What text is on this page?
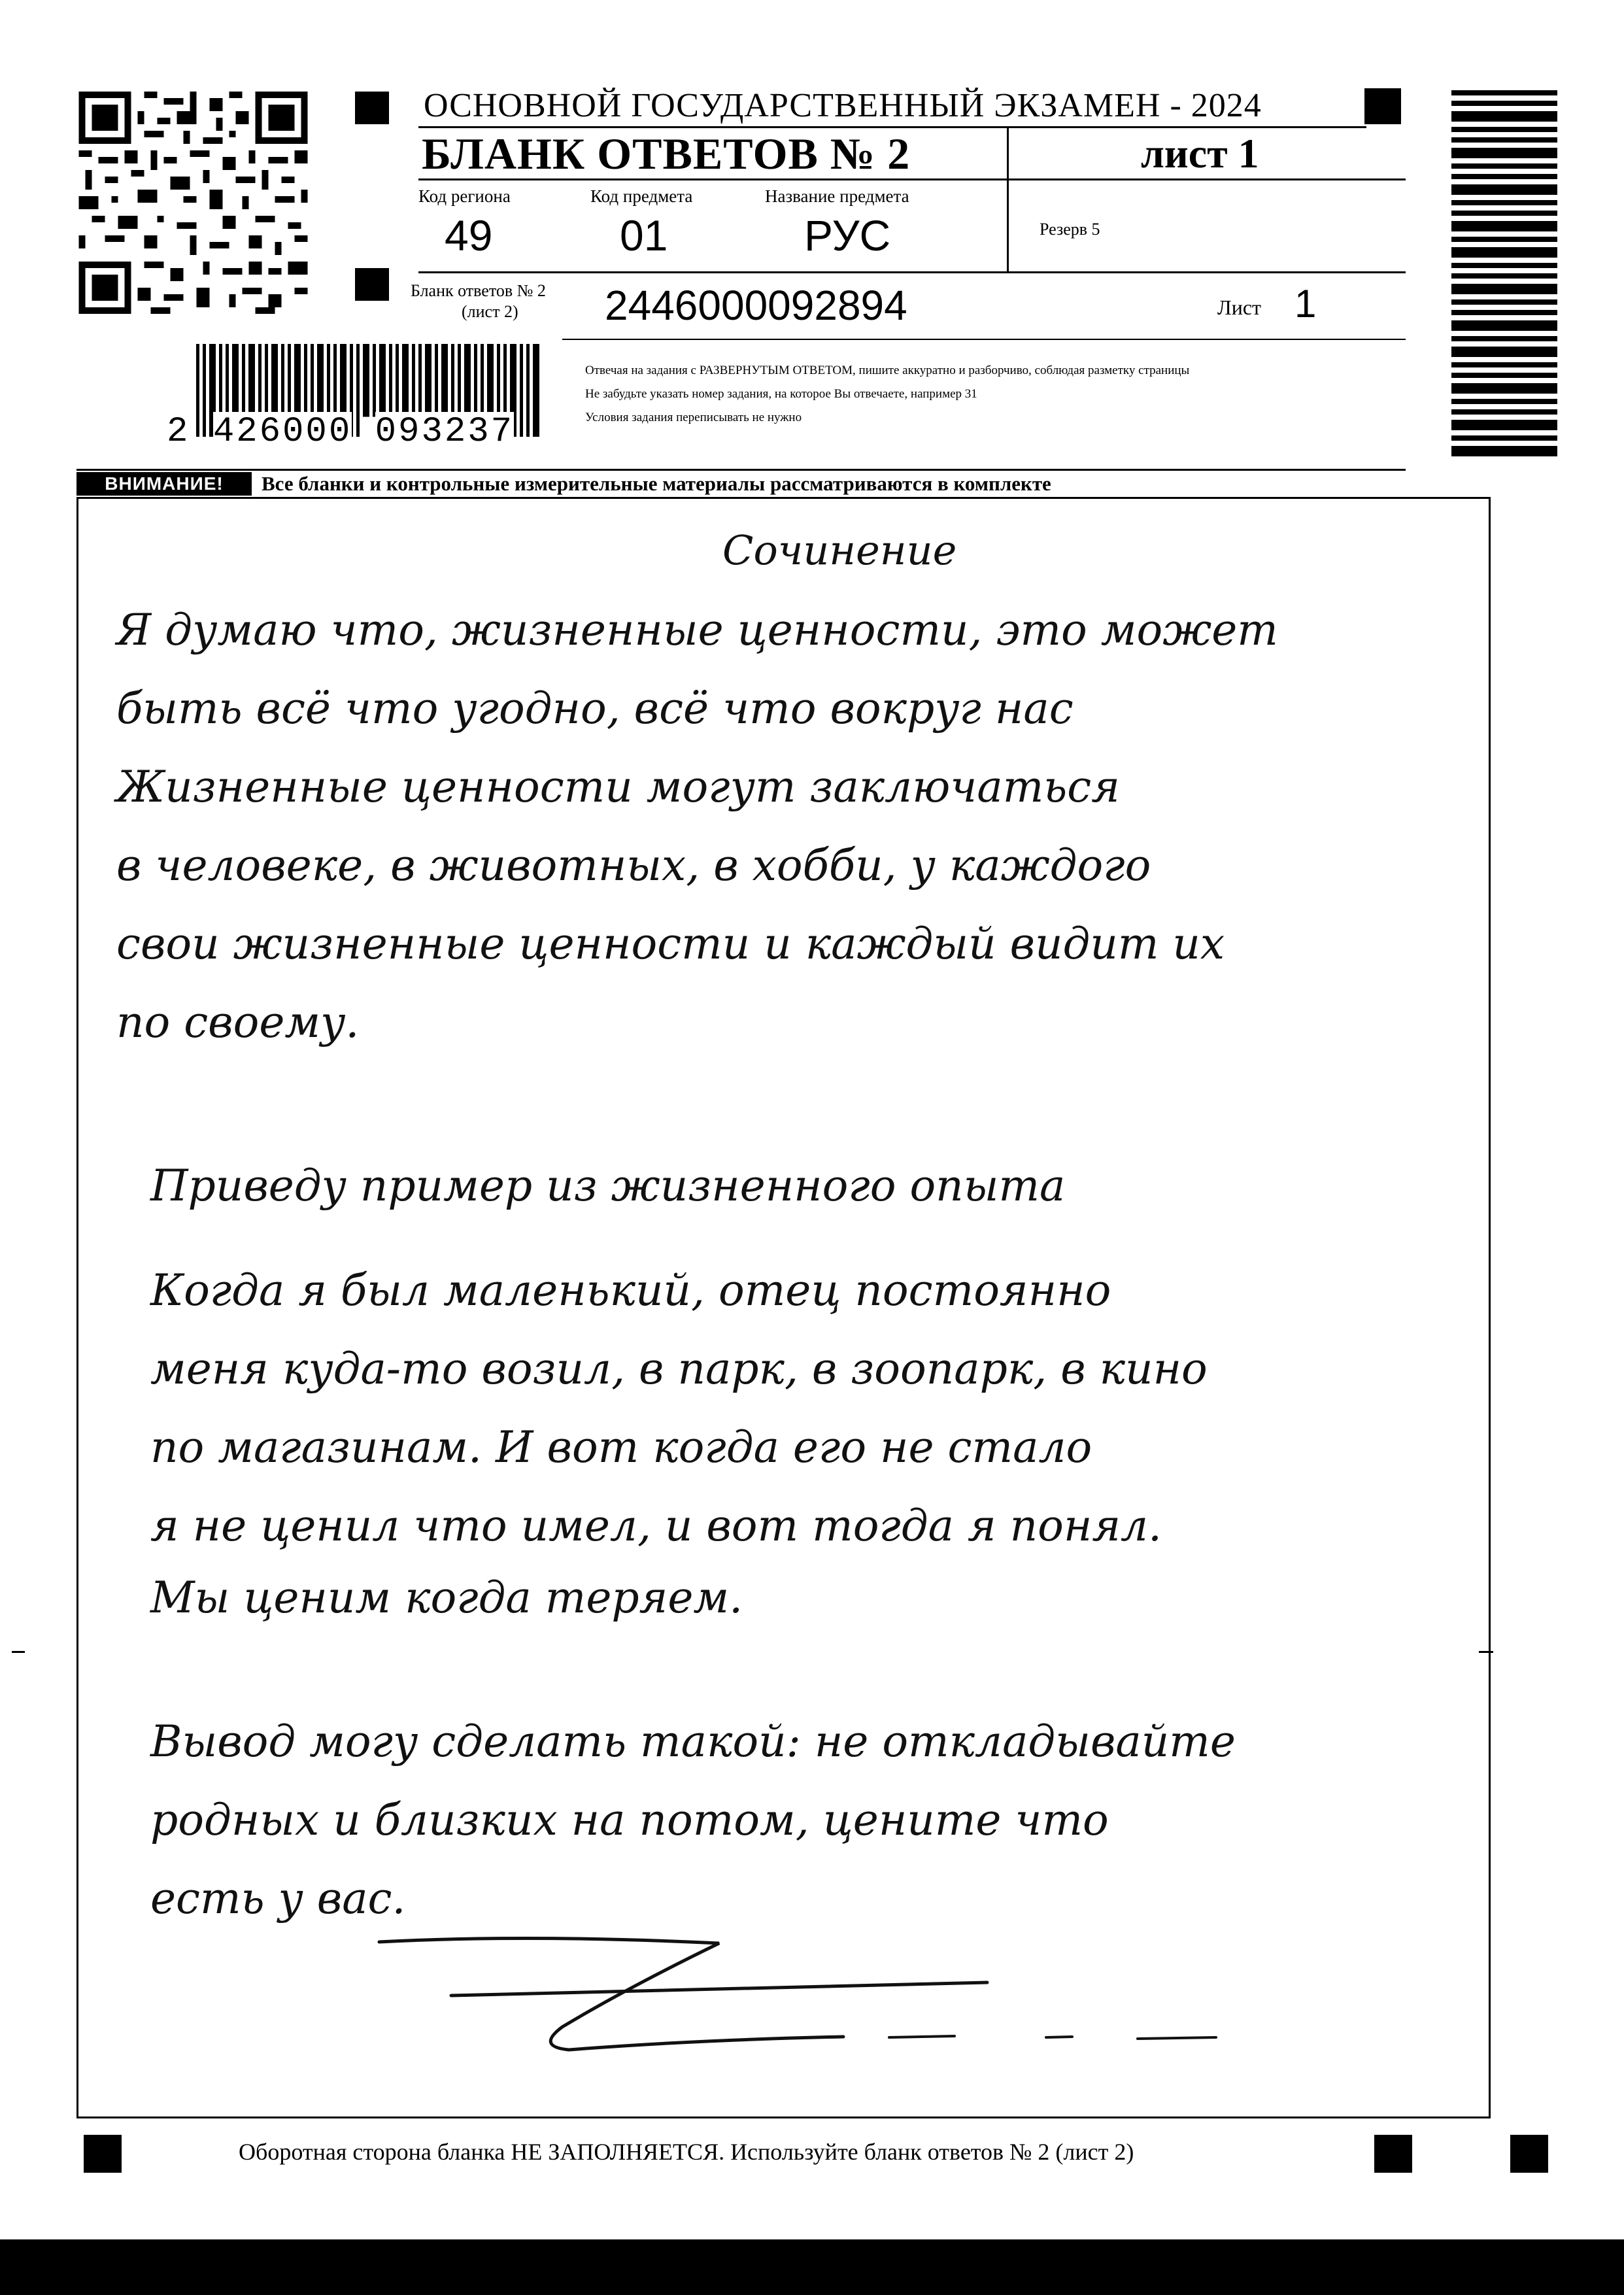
ОСНОВНОЙ ГОСУДАРСТВЕННЫЙ ЭКЗАМЕН - 2024
БЛАНК ОТВЕТОВ № 2	лист 1
Код региона
49
Код предмета
01
Название предмета
РУС	Резерв 5
Бланк ответов № 2
(лист 2) 2446000092894	Лист 1
2 426000 093237
Отвечая на задания с РАЗВЕРНУТЫМ ОТВЕТОМ, пишите аккуратно и разборчиво, соблюдая разметку страницы
Не забудьте указать номер задания, на которое Вы отвечаете, например 31
Условия задания переписывать не нужно
ВНИМАНИЕ!	Все бланки и контрольные измерительные материалы рассматриваются в комплекте
Сочинение
Я думаю что, жизненные ценности, это может
быть всё что угодно, всё что вокруг нас
Жизненные ценности могут заключаться
в человеке, в животных, в хобби, у каждого
свои жизненные ценности и каждый видит их
по своему.
Приведу пример из жизненного опыта
Когда я был маленький, отец постоянно
меня куда-то возил, в парк, в зоопарк, в кино
по магазинам. И вот когда его не стало
я не ценил что имел, и вот тогда я понял.
Мы ценим когда теряем.
Вывод могу сделать такой: не откладывайте
родных и близких на потом, цените что
есть у вас.
Оборотная сторона бланка НЕ ЗАПОЛНЯЕТСЯ. Используйте бланк ответов № 2 (лист 2)
